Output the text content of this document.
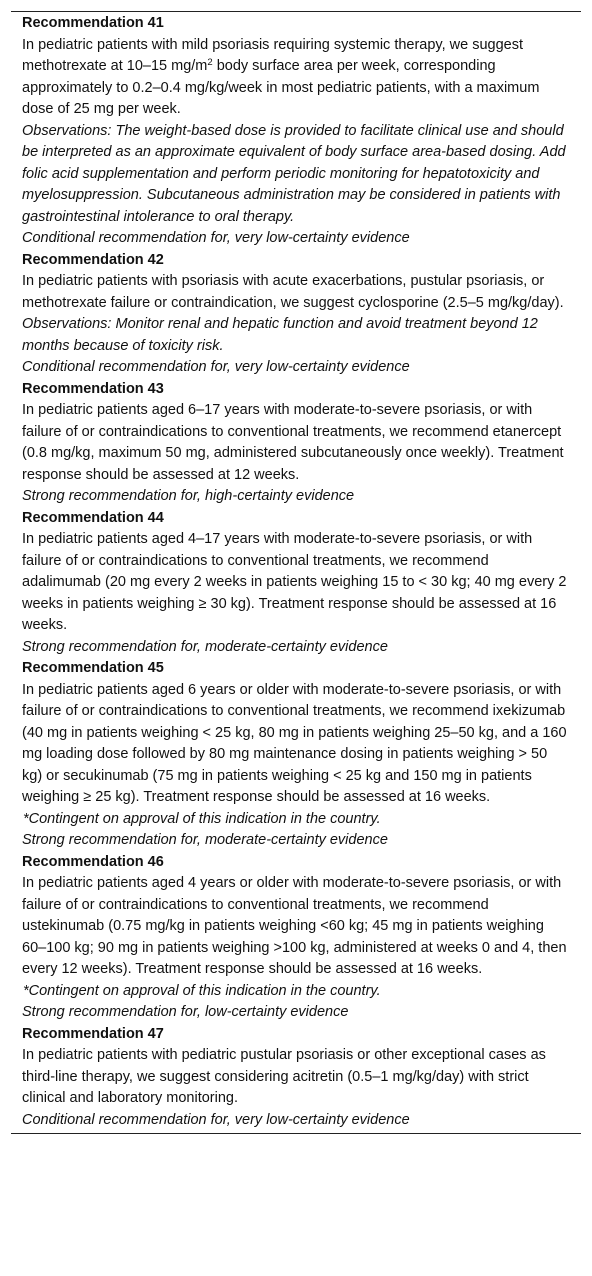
Recommendation 41

In pediatric patients with mild psoriasis requiring systemic therapy, we suggest methotrexate at 10–15 $mg/m^2$ body surface area per week, corresponding approximately to 0.2–0.4 mg/kg/week in most pediatric patients, with a maximum dose of 25 mg per week.

Observations: The weight-based dose is provided to facilitate clinical use and should be interpreted as an approximate equivalent of body surface area-based dosing. Add folic acid supplementation and perform periodic monitoring for hepatotoxicity and myelosuppression. Subcutaneous administration may be considered in patients with gastrointestinal intolerance to oral therapy.

Conditional recommendation for, very low-certainty evidence

Recommendation 42

In pediatric patients with psoriasis with acute exacerbations, pustular psoriasis, or methotrexate failure or contraindication, we suggest cyclosporine (2.5–5 mg/kg/day).

Observations: Monitor renal and hepatic function and avoid treatment beyond 12 months because of toxicity risk.

Conditional recommendation for, very low-certainty evidence

Recommendation 43

In pediatric patients aged 6–17 years with moderate-to-severe psoriasis, or with failure of or contraindications to conventional treatments, we recommend etanercept (0.8 mg/kg, maximum 50 mg, administered subcutaneously once weekly). Treatment response should be assessed at 12 weeks.

Strong recommendation for, high-certainty evidence

Recommendation 44

In pediatric patients aged 4–17 years with moderate-to-severe psoriasis, or with failure of or contraindications to conventional treatments, we recommend adalimumab (20 mg every 2 weeks in patients weighing 15 to < 30 kg; 40 mg every 2 weeks in patients weighing ≥ 30 kg). Treatment response should be assessed at 16 weeks.

Strong recommendation for, moderate-certainty evidence

Recommendation 45

In pediatric patients aged 6 years or older with moderate-to-severe psoriasis, or with failure of or contraindications to conventional treatments, we recommend ixekizumab (40 mg in patients weighing < 25 kg, 80 mg in patients weighing 25–50 kg, and a 160 mg loading dose followed by 80 mg maintenance dosing in patients weighing > 50 kg) or secukinumab (75 mg in patients weighing < 25 kg and 150 mg in patients weighing ≥ 25 kg). Treatment response should be assessed at 16 weeks.

*Contingent on approval of this indication in the country.

Strong recommendation for, moderate-certainty evidence

Recommendation 46

In pediatric patients aged 4 years or older with moderate-to-severe psoriasis, or with failure of or contraindications to conventional treatments, we recommend ustekinumab (0.75 mg/kg in patients weighing <60 kg; 45 mg in patients weighing 60–100 kg; 90 mg in patients weighing >100 kg, administered at weeks 0 and 4, then every 12 weeks). Treatment response should be assessed at 16 weeks.

*Contingent on approval of this indication in the country.

Strong recommendation for, low-certainty evidence

Recommendation 47

In pediatric patients with pediatric pustular psoriasis or other exceptional cases as third-line therapy, we suggest considering acitretin (0.5–1 mg/kg/day) with strict clinical and laboratory monitoring.

Conditional recommendation for, very low-certainty evidence
